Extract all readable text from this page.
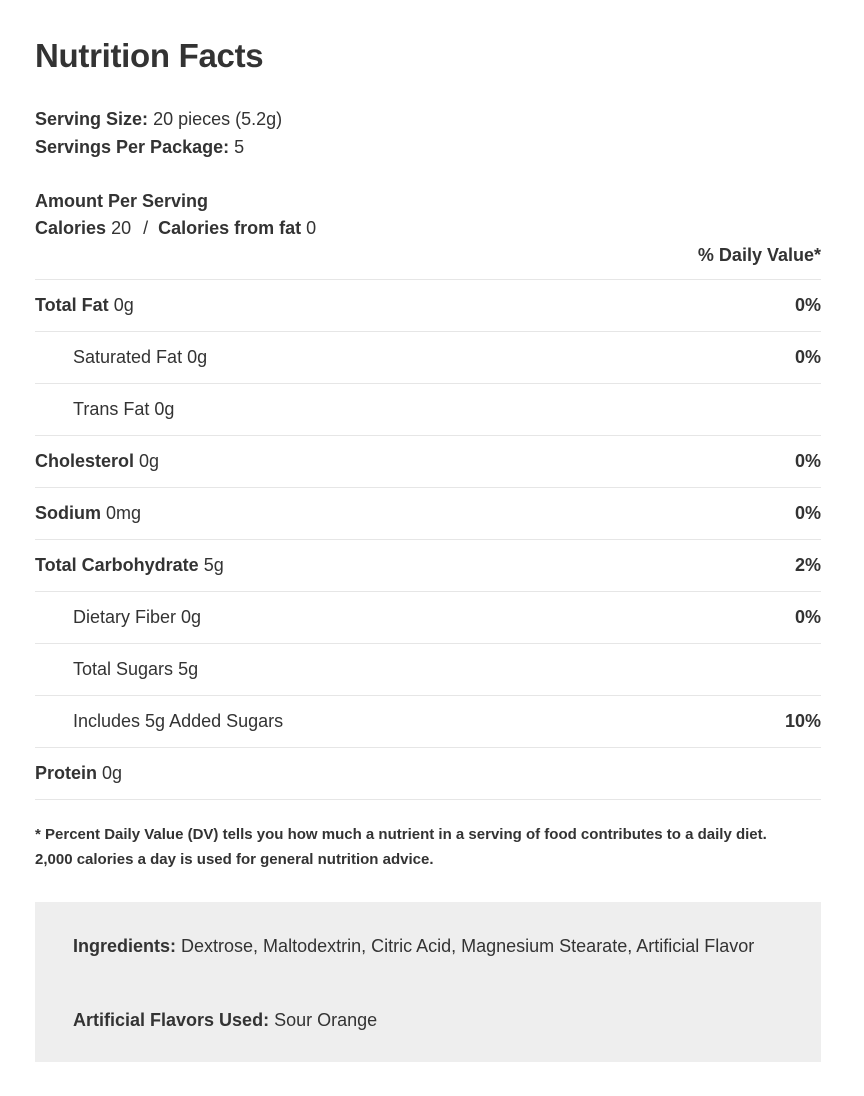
Nutrition Facts
Serving Size: 20 pieces (5.2g)
Servings Per Package: 5
Amount Per Serving
Calories 20 / Calories from fat 0
% Daily Value*
Total Fat 0g	0%
Saturated Fat 0g	0%
Trans Fat 0g
Cholesterol 0g	0%
Sodium 0mg	0%
Total Carbohydrate 5g	2%
Dietary Fiber 0g	0%
Total Sugars 5g
Includes 5g Added Sugars	10%
Protein 0g
* Percent Daily Value (DV) tells you how much a nutrient in a serving of food contributes to a daily diet.
2,000 calories a day is used for general nutrition advice.
Ingredients: Dextrose, Maltodextrin, Citric Acid, Magnesium Stearate, Artificial Flavor
Artificial Flavors Used: Sour Orange
